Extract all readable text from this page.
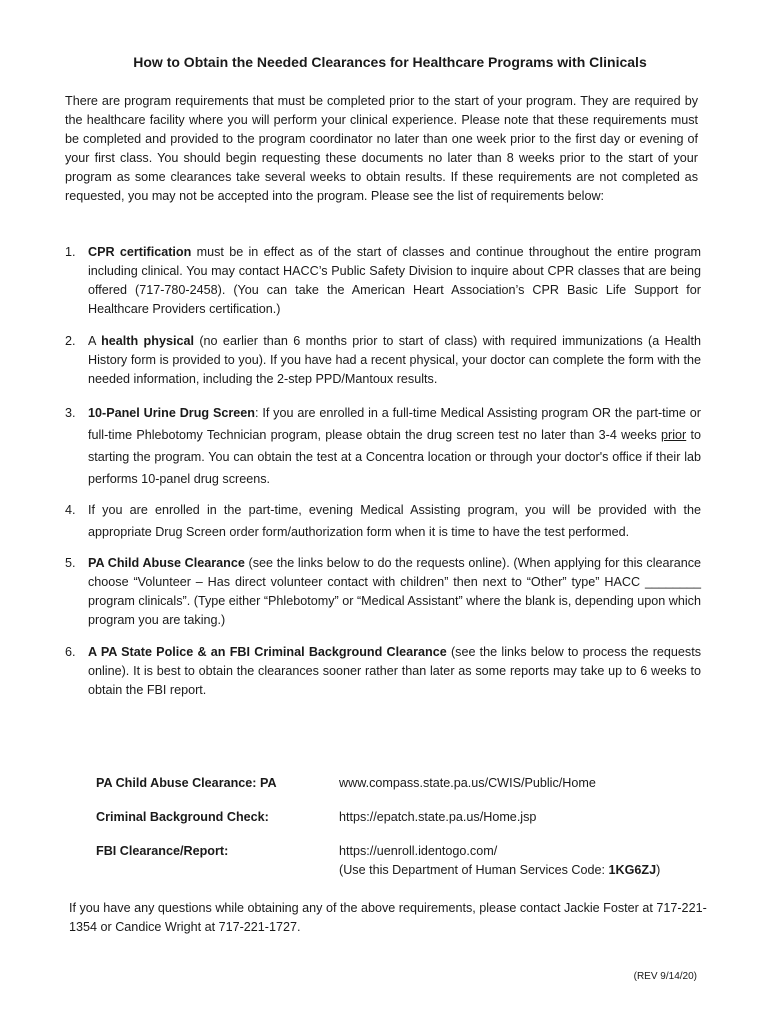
How to Obtain the Needed Clearances for Healthcare Programs with Clinicals
There are program requirements that must be completed prior to the start of your program. They are required by the healthcare facility where you will perform your clinical experience. Please note that these requirements must be completed and provided to the program coordinator no later than one week prior to the first day or evening of your first class. You should begin requesting these documents no later than 8 weeks prior to the start of your program as some clearances take several weeks to obtain results. If these requirements are not completed as requested, you may not be accepted into the program. Please see the list of requirements below:
1. CPR certification must be in effect as of the start of classes and continue throughout the entire program including clinical. You may contact HACC’s Public Safety Division to inquire about CPR classes that are being offered (717-780-2458). (You can take the American Heart Association’s CPR Basic Life Support for Healthcare Providers certification.)
2. A health physical (no earlier than 6 months prior to start of class) with required immunizations (a Health History form is provided to you). If you have had a recent physical, your doctor can complete the form with the needed information, including the 2-step PPD/Mantoux results.
3. 10-Panel Urine Drug Screen: If you are enrolled in a full-time Medical Assisting program OR the part-time or full-time Phlebotomy Technician program, please obtain the drug screen test no later than 3-4 weeks prior to starting the program. You can obtain the test at a Concentra location or through your doctor's office if their lab performs 10-panel drug screens.
4. If you are enrolled in the part-time, evening Medical Assisting program, you will be provided with the appropriate Drug Screen order form/authorization form when it is time to have the test performed.
5. PA Child Abuse Clearance (see the links below to do the requests online). (When applying for this clearance choose “Volunteer – Has direct volunteer contact with children” then next to “Other” type” HACC ________ program clinicals”. (Type either “Phlebotomy” or “Medical Assistant” where the blank is, depending upon which program you are taking.)
6. A PA State Police & an FBI Criminal Background Clearance (see the links below to process the requests online). It is best to obtain the clearances sooner rather than later as some reports may take up to 6 weeks to obtain the FBI report.
PA Child Abuse Clearance: PA	www.compass.state.pa.us/CWIS/Public/Home
Criminal Background Check:	https://epatch.state.pa.us/Home.jsp
FBI Clearance/Report:	https://uenroll.identogo.com/
(Use this Department of Human Services Code: 1KG6ZJ)
If you have any questions while obtaining any of the above requirements, please contact Jackie Foster at 717-221-1354 or Candice Wright at 717-221-1727.
(REV 9/14/20)
